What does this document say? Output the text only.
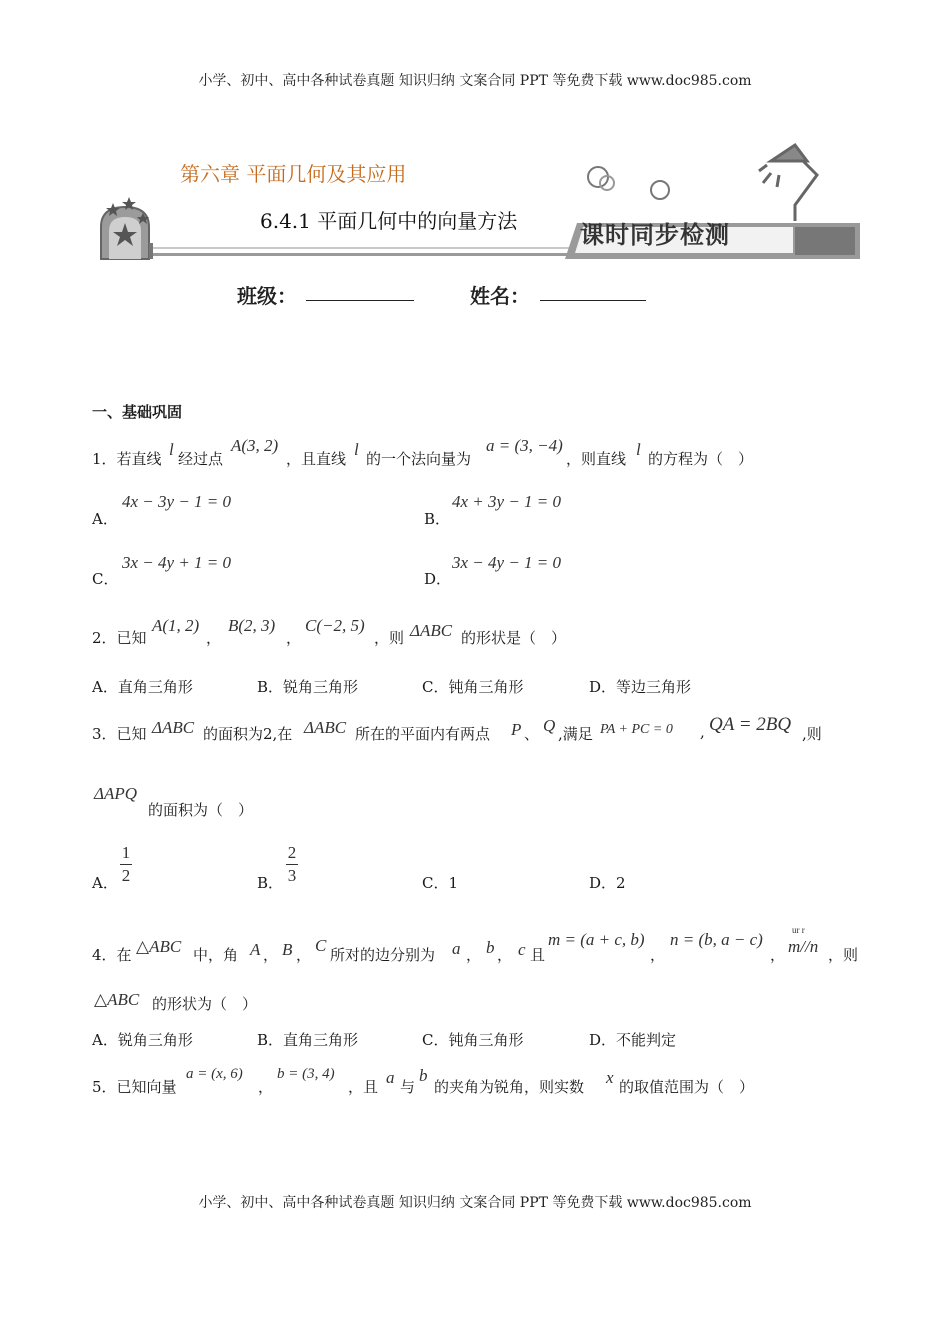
小学、初中、高中各种试卷真题 知识归纳 文案合同 PPT 等免费下载 www.doc985.com
第六章 平面几何及其应用
6.4.1 平面几何中的向量方法	课时同步检测
班级：	姓名：
一、基础巩固
1．若直线 l 经过点
A(3, 2)
，且直线 l 的一个法向量为
a = (3, −4)
，则直线 l 的方程为（　）
A．
4x − 3y − 1 = 0
B．
4x + 3y − 1 = 0
C．
3x − 4y + 1 = 0
D．
3x − 4y − 1 = 0
2．已知
A(1, 2)
，
B(2, 3)
，
C(−2, 5)
，则 ΔABC 的形状是（　）
A．直角三角形	B．锐角三角形	C．钝角三角形	D．等边三角形
3．已知 ΔABC 的面积为2,在 ΔABC 所在的平面内有两点 P 、 Q ,满足 PA + PC = 0 , QA = 2BQ ,则
ΔAPQ
的面积为（　）
A．
1
2	B．
2
3	C．1	D．2
4．在 △ABC 中，角 A ， B ， C 所对的边分别为 a ， b ， c 且
m = (a + c, b)
，
n = (b, a − c)
，
ur r
m//n ，则
△ABC 的形状为（　）
A．锐角三角形	B．直角三角形	C．钝角三角形	D．不能判定
5．已知向量
a = (x, 6)
，
b = (3, 4)
，且 a 与
b
的夹角为锐角，则实数 x 的取值范围为（　）
小学、初中、高中各种试卷真题 知识归纳 文案合同 PPT 等免费下载 www.doc985.com
